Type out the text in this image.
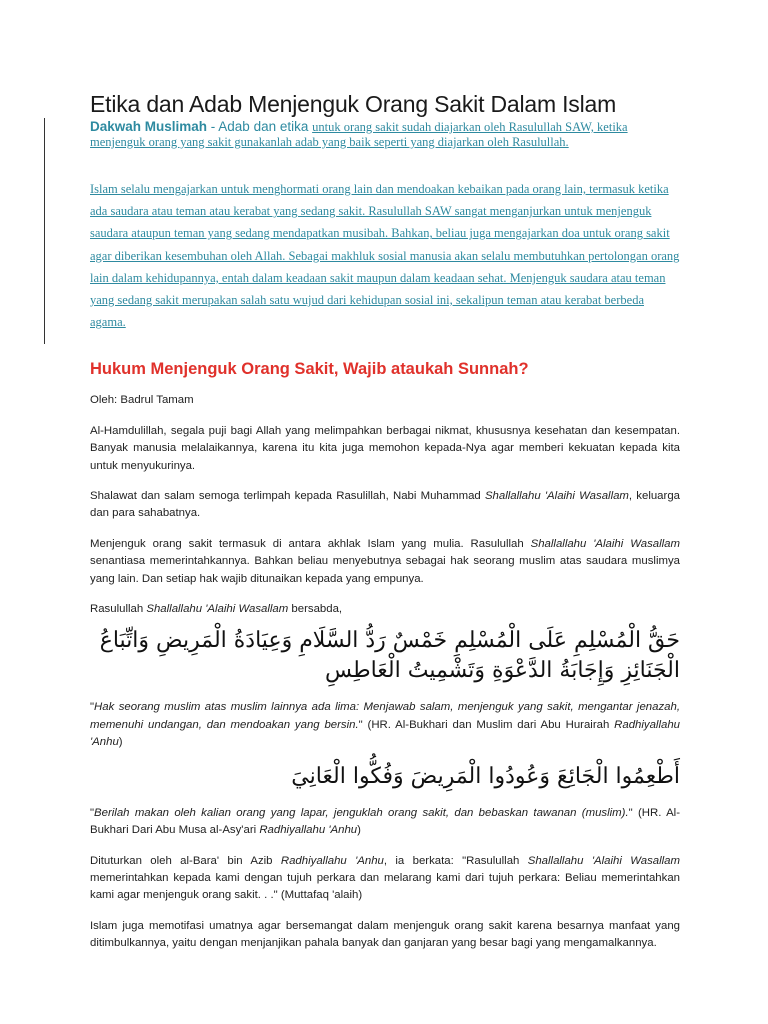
Etika dan Adab Menjenguk Orang Sakit Dalam Islam

Dakwah Muslimah - Adab dan etika untuk orang sakit sudah diajarkan oleh Rasulullah SAW, ketika menjenguk orang yang sakit gunakanlah adab yang baik seperti yang diajarkan oleh Rasulullah.

Islam selalu mengajarkan untuk menghormati orang lain dan mendoakan kebaikan pada orang lain, termasuk ketika ada saudara atau teman atau kerabat yang sedang sakit. Rasulullah SAW sangat menganjurkan untuk menjenguk saudara ataupun teman yang sedang mendapatkan musibah. Bahkan, beliau juga mengajarkan doa untuk orang sakit agar diberikan kesembuhan oleh Allah. Sebagai makhluk sosial manusia akan selalu membutuhkan pertolongan orang lain dalam kehidupannya, entah dalam keadaan sakit maupun dalam keadaan sehat. Menjenguk saudara atau teman yang sedang sakit merupakan salah satu wujud dari kehidupan sosial ini, sekalipun teman atau kerabat berbeda agama.

Hukum Menjenguk Orang Sakit, Wajib ataukah Sunnah?

Oleh: Badrul Tamam

Al-Hamdulillah, segala puji bagi Allah yang melimpahkan berbagai nikmat, khususnya kesehatan dan kesempatan. Banyak manusia melalaikannya, karena itu kita juga memohon kepada-Nya agar memberi kekuatan kepada kita untuk menyukurinya.

Shalawat dan salam semoga terlimpah kepada Rasulillah, Nabi Muhammad Shallallahu 'Alaihi Wasallam, keluarga dan para sahabatnya.

Menjenguk orang sakit termasuk di antara akhlak Islam yang mulia. Rasulullah Shallallahu 'Alaihi Wasallam senantiasa memerintahkannya. Bahkan beliau menyebutnya sebagai hak seorang muslim atas saudara muslimya yang lain. Dan setiap hak wajib ditunaikan kepada yang empunya.

Rasulullah Shallallahu 'Alaihi Wasallam bersabda,

حَقُّ الْمُسْلِمِ عَلَى الْمُسْلِمِ خَمْسٌ رَدُّ السَّلَامِ وَعِيَادَةُ الْمَرِيضِ وَاتِّبَاعُ الْجَنَائِزِ وَإِجَابَةُ الدَّعْوَةِ وَتَشْمِيتُ الْعَاطِسِ

"Hak seorang muslim atas muslim lainnya ada lima: Menjawab salam, menjenguk yang sakit, mengantar jenazah, memenuhi undangan, dan mendoakan yang bersin." (HR. Al-Bukhari dan Muslim dari Abu Hurairah Radhiyallahu 'Anhu)

أَطْعِمُوا الْجَائِعَ وَعُودُوا الْمَرِيضَ وَفُكُّوا الْعَانِيَ

"Berilah makan oleh kalian orang yang lapar, jenguklah orang sakit, dan bebaskan tawanan (muslim)." (HR. Al-Bukhari Dari Abu Musa al-Asy'ari Radhiyallahu 'Anhu)

Dituturkan oleh al-Bara' bin Azib Radhiyallahu 'Anhu, ia berkata: "Rasulullah Shallallahu 'Alaihi Wasallam memerintahkan kepada kami dengan tujuh perkara dan melarang kami dari tujuh perkara: Beliau memerintahkan kami agar menjenguk orang sakit. . ." (Muttafaq 'alaih)

Islam juga memotifasi umatnya agar bersemangat dalam menjenguk orang sakit karena besarnya manfaat yang ditimbulkannya, yaitu dengan menjanjikan pahala banyak dan ganjaran yang besar bagi yang mengamalkannya.
